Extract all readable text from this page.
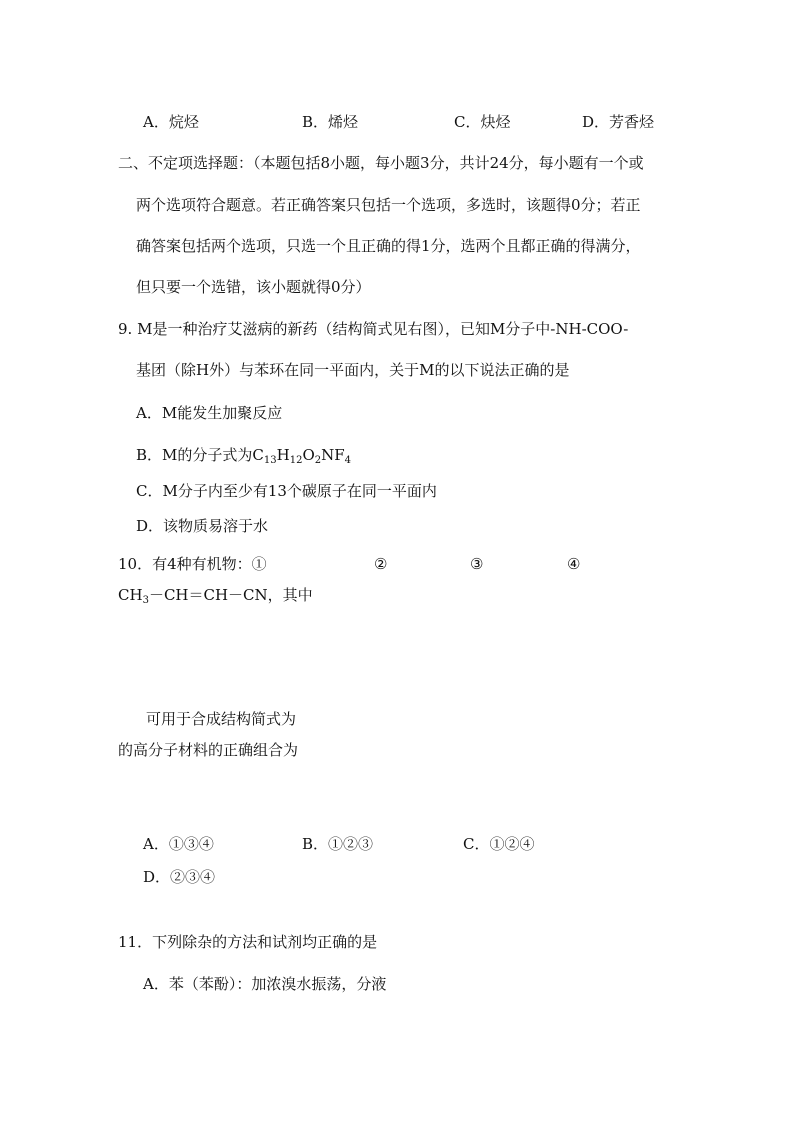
A．烷烃	B．烯烃	C．炔烃	D．芳香烃
二、不定项选择题：（本题包括8小题，每小题3分，共计24分，每小题有一个或
两个选项符合题意。若正确答案只包括一个选项，多选时，该题得0分；若正
确答案包括两个选项，只选一个且正确的得1分，选两个且都正确的得满分，
但只要一个选错，该小题就得0分）
9. M是一种治疗艾滋病的新药（结构简式见右图），已知M分子中-NH-COO-
基团（除H外）与苯环在同一平面内，关于M的以下说法正确的是
A．M能发生加聚反应
B．M的分子式为$C_{13}H_{12}O_2NF_4$
C．M分子内至少有13个碳原子在同一平面内
D．该物质易溶于水
10．有4种有机物：①	②	③	④
$CH_3-CH=CH-CN$，其中
可用于合成结构简式为
的高分子材料的正确组合为
A．①③④	B．①②③	C．①②④
D．②③④
11．下列除杂的方法和试剂均正确的是
A．苯（苯酚）：加浓溴水振荡，分液
